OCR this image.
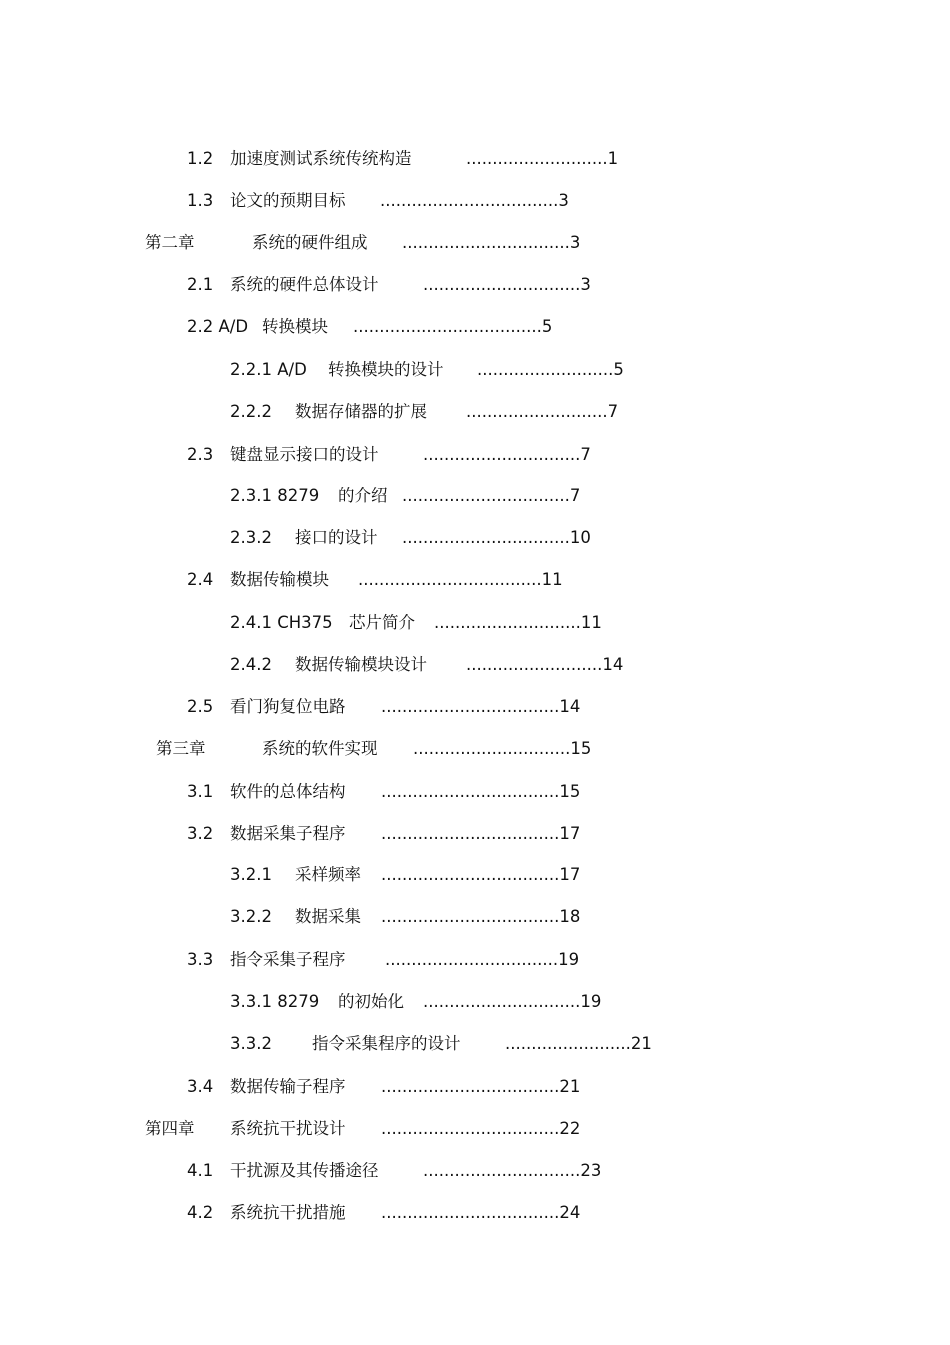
1.2 加速度测试系统传统构造	...........................1
1.3 论文的预期目标 ..................................3
第二章	系统的硬件组成 ................................3
2.1 系统的硬件总体设计	..............................3
2.2 A/D 转换模块 ....................................5
2.2.1 A/D 转换模块的设计 ..........................5
2.2.2 数据存储器的扩展 ...........................7
2.3 键盘显示接口的设计	..............................7
2.3.1 8279 的介绍 ................................7
2.3.2 接口的设计 ................................10
2.4 数据传输模块 ...................................11
2.4.1 CH375 芯片简介 ............................11
2.4.2 数据传输模块设计 ..........................14
2.5 看门狗复位电路 ..................................14
第三章	系统的软件实现 ..............................15
3.1 软件的总体结构 ..................................15
3.2 数据采集子程序 ..................................17
3.2.1 采样频率 ..................................17
3.2.2 数据采集 ..................................18
3.3 指令采集子程序 .................................19
3.3.1 8279 的初始化 ..............................19
3.3.2 指令采集程序的设计	........................21
3.4 数据传输子程序 ..................................21
第四章 系统抗干扰设计 ..................................22
4.1 干扰源及其传播途径	..............................23
4.2 系统抗干扰措施 ..................................24
